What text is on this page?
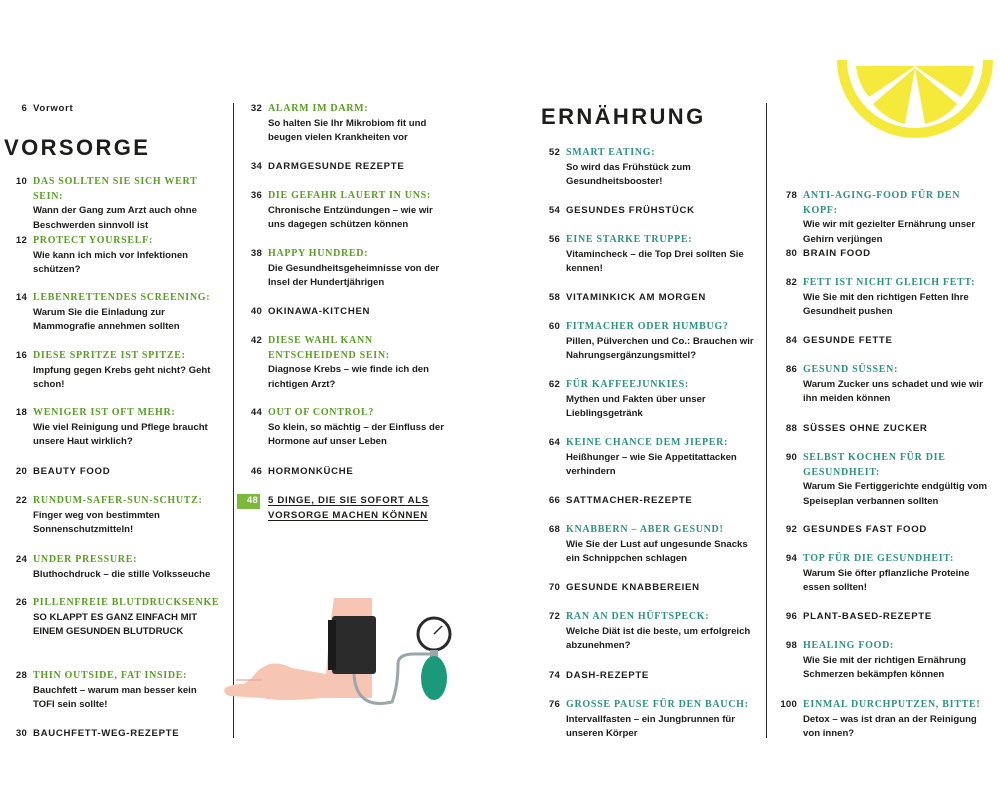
VORSORGE
6 Vorwort
10 DAS SOLLTEN SIE SICH WERT SEIN:
Wann der Gang zum Arzt auch ohne Beschwerden sinnvoll ist
12 PROTECT YOURSELF:
Wie kann ich mich vor Infektionen schützen?
14 LEBENRETTENDES SCREENING:
Warum Sie die Einladung zur Mammografie annehmen sollten
16 DIESE SPRITZE IST SPITZE:
Impfung gegen Krebs geht nicht? Geht schon!
18 WENIGER IST OFT MEHR:
Wie viel Reinigung und Pflege braucht unsere Haut wirklich?
20 BEAUTY FOOD
22 RUNDUM-SAFER-SUN-SCHUTZ:
Finger weg von bestimmten Sonnenschutzmitteln!
24 UNDER PRESSURE:
Bluthochdruck – die stille Volksseuche
26 PILLENFREIE BLUTDRUCKSENKE
SO KLAPPT ES GANZ EINFACH MIT EINEM GESUNDEN BLUTDRUCK
28 THIN OUTSIDE, FAT INSIDE:
Bauchfett – warum man besser kein TOFI sein sollte!
30 BAUCHFETT-WEG-REZEPTE
32 ALARM IM DARM:
So halten Sie Ihr Mikrobiom fit und beugen vielen Krankheiten vor
34 DARMGESUNDE REZEPTE
36 DIE GEFAHR LAUERT IN UNS:
Chronische Entzündungen – wie wir uns dagegen schützen können
38 HAPPY HUNDRED:
Die Gesundheitsgeheimnisse von der Insel der Hundertjährigen
40 OKINAWA-KITCHEN
42 DIESE WAHL KANN ENTSCHEIDEND SEIN:
Diagnose Krebs – wie finde ich den richtigen Arzt?
44 OUT OF CONTROL?
So klein, so mächtig – der Einfluss der Hormone auf unser Leben
46 HORMONKÜCHE
48 5 DINGE, DIE SIE SOFORT ALS VORSORGE MACHEN KÖNNEN
ERNÄHRUNG
52 SMART EATING:
So wird das Frühstück zum Gesundheitsbooster!
54 GESUNDES FRÜHSTÜCK
56 EINE STARKE TRUPPE:
Vitamincheck – die Top Drei sollten Sie kennen!
58 VITAMINKICK AM MORGEN
60 FITMACHER ODER HUMBUG?
Pillen, Pülverchen und Co.: Brauchen wir Nahrungsergänzungsmittel?
62 FÜR KAFFEEJUNKIES:
Mythen und Fakten über unser Lieblingsgetränk
64 KEINE CHANCE DEM JIEPER:
Heißhunger – wie Sie Appetitattacken verhindern
66 SATTMACHER-REZEPTE
68 KNABBERN – ABER GESUND!
Wie Sie der Lust auf ungesunde Snacks ein Schnippchen schlagen
70 GESUNDE KNABBEREIEN
72 RAN AN DEN HÜFTSPECK:
Welche Diät ist die beste, um erfolgreich abzunehmen?
74 DASH-REZEPTE
76 GROSSE PAUSE FÜR DEN BAUCH:
Intervallfasten – ein Jungbrunnen für unseren Körper
78 ANTI-AGING-FOOD FÜR DEN KOPF:
Wie wir mit gezielter Ernährung unser Gehirn verjüngen
80 BRAIN FOOD
82 FETT IST NICHT GLEICH FETT:
Wie Sie mit den richtigen Fetten Ihre Gesundheit pushen
84 GESUNDE FETTE
86 GESUND SÜSSEN:
Warum Zucker uns schadet und wie wir ihn meiden können
88 SÜSSES OHNE ZUCKER
90 SELBST KOCHEN FÜR DIE GESUNDHEIT:
Warum Sie Fertiggerichte endgültig vom Speiseplan verbannen sollten
92 GESUNDES FAST FOOD
94 TOP FÜR DIE GESUNDHEIT:
Warum Sie öfter pflanzliche Proteine essen sollten!
96 PLANT-BASED-REZEPTE
98 HEALING FOOD:
Wie Sie mit der richtigen Ernährung Schmerzen bekämpfen können
100 EINMAL DURCHPUTZEN, BITTE!
Detox – was ist dran an der Reinigung von innen?
